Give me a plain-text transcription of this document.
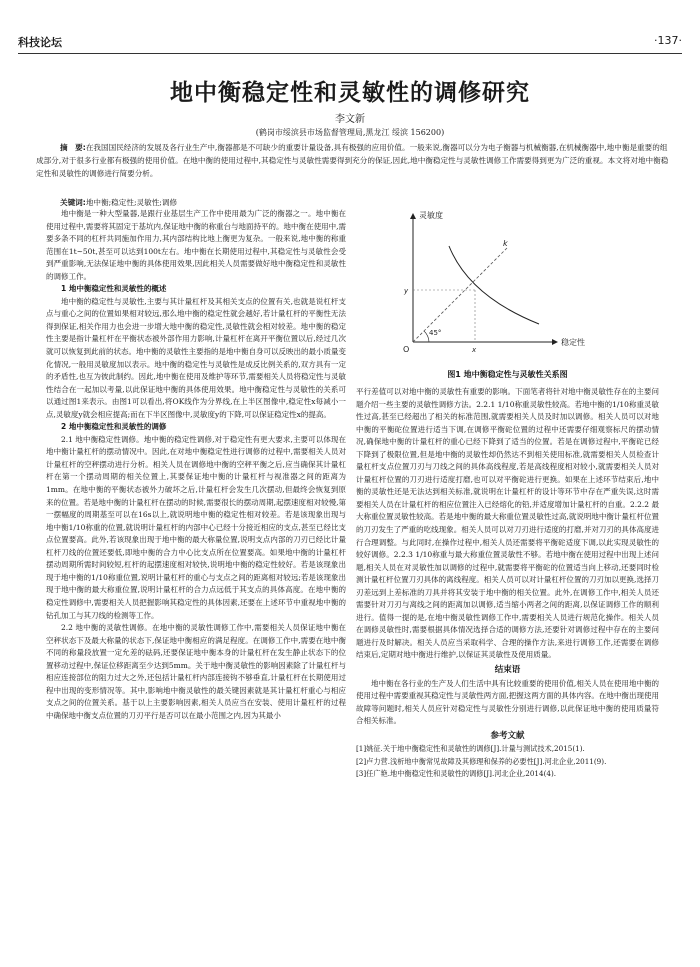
科技论坛	·137·
地中衡稳定性和灵敏性的调修研究
李文新
(鹤岗市绥滨县市场监督管理局,黑龙江 绥滨 156200)
摘　要:在我国国民经济的发展及各行业生产中,衡器都是不可缺少的重要计量设备,具有极强的应用价值。一般来说,衡器可以分为电子衡器与机械衡器,在机械衡器中,地中衡是重要的组成部分,对于很多行业都有极强的使用价值。在地中衡的使用过程中,其稳定性与灵敏性需要得到充分的保证,因此,地中衡稳定性与灵敏性调修工作需要得到更为广泛的重视。本文将对地中衡稳定性和灵敏性的调修进行简要分析。
关键词:地中衡;稳定性;灵敏性;调修

地中衡是一种大型量器,是跟行业基层生产工作中使用最为广泛的衡器之一。地中衡在使用过程中,需要将其固定于基坑内,保证地中衡的称重台与地面持平的。地中衡在使用中,需要多条不同的杠杆共同施加作用力,其内部结构比地上衡更为复杂。一般来说,地中衡的称重范围在1t~50t,甚至可以达到100t左右。地中衡在长期使用过程中,其稳定性与灵敏性会受到严重影响,无法保证地中衡的具体使用效果,因此相关人员需要做好地中衡稳定性和灵敏性的调修工作。

1 地中衡稳定性和灵敏性的概述

地中衡的稳定性与灵敏性,主要与其计量杠杆及其相关支点的位置有关,也就是说杠杆支点与重心之间的位置如果相对较远,那么地中衡的稳定性就会越好,若计量杠杆的平衡性无法得到保证,相关作用力也会进一步增大地中衡的稳定性,灵敏性就会相对较差。地中衡的稳定性主要是指计量杠杆在平衡状态被外部作用力影响,计量杠杆在离开平衡位置以后,经过几次就可以恢复到此前的状态。地中衡的灵敏性主要指的是地中衡自身可以反映出的最小质量变化情况,一般用灵敏度加以表示。地中衡的稳定性与灵敏性是成反比例关系的,双方具有一定的矛盾性,也互为彼此制约。因此,地中衡在使用及维护等环节,需要相关人员将稳定性与灵敏性结合在一起加以考量,以此保证地中衡的具体使用效果。地中衡稳定性与灵敏性的关系可以通过图1来表示。由图1可以看出,将OK线作为分界线,在上半区图像中,稳定性x每减小一点,灵敏度y就会相应提高;而在下半区图像中,灵敏度y的下降,可以保证稳定性x的提高。

2 地中衡稳定性和灵敏性的调修

2.1 地中衡稳定性调修。地中衡的稳定性调修,对于稳定性有更大要求,主要可以体现在地中衡计量杠杆的摆动情况中。因此,在对地中衡稳定性进行调修的过程中,需要相关人员对计量杠杆的空秤摆动进行分析。相关人员在调修地中衡的空秤平衡之后,应当确保其计量杠杆在第一个摆动周期的相关位置上,其要保证地中衡的计量杠杆与视准器之间的距离为1mm。在地中衡的平衡状态被外力破坏之后,计量杠杆会发生几次摆动,但最终会恢复到原来的位置。若是地中衡的计量杠杆在摆动的时候,需要很长的摆动周期,起摆速度相对较慢,第一摆幅度的周期基至可以在16s以上,就说明地中衡的稳定性相对较差。若是该现象出现与地中衡1/10称重的位置,就说明计量杠杆的内部中心已经十分接近相应的支点,甚至已经比支点位置要高。此外,若该现象出现于地中衡的最大称量位置,说明支点内部的刀刃已经比计量杠杆刀线的位置还要低,即地中衡的合力中心比支点所在位置要高。如果地中衡的计量杠杆摆动周期所需时间较短,杠杆的起摆速度相对较快,说明地中衡的稳定性较好。若是该现象出现于地中衡的1/10称重位置,说明计量杠杆的重心与支点之间的距离相对较远;若是该现象出现于地中衡的最大称重位置,说明计量杠杆的合力点远低于其支点的具体高度。在地中衡的稳定性调修中,需要相关人员把握影响其稳定性的具体因素,还要在上述环节中重视地中衡的钻孔加工与其刀线的检测等工作。

2.2 地中衡的灵敏性调修。在地中衡的灵敏性调修工作中,需要相关人员保证地中衡在空秤状态下及最大称量的状态下,保证地中衡相应的满足程度。在调修工作中,需要在地中衡不同的称量段放置一定允差的砝码,还要保证地中衡本身的计量杠杆在发生静止状态下的位置移动过程中,保证位移距离至少达到5mm。关于地中衡灵敏性的影响因素除了计量杠杆与相应连接部位的阻力过大之外,还包括计量杠杆内部连接钩不够垂直,计量杠杆在长期使用过程中出现的变形情况等。其中,影响地中衡灵敏性的最关键因素就是其计量杠杆重心与相应支点之间的位置关系。基于以上主要影响因素,相关人员应当在安装、使用计量杠杆的过程中确保地中衡支点位置的刀刃平行是否可以在最小范围之内,因为其最小

灵敏度
稳定性
O
45°
k
x
y
图1 地中衡稳定性与灵敏性关系图

平行差值可以对地中衡的灵敏性有重要的影响。下面笔者将针对地中衡灵敏性存在的主要问题介绍一些主要的灵敏性调修方法。2.2.1 1/10称重灵敏性较高。若地中衡的1/10称重灵敏性过高,甚至已经超出了相关的标准范围,就需要相关人员及时加以调修。相关人员可以对地中衡的平衡砣位置进行适当下调,在调修平衡砣位置的过程中还需要仔细观察标尺的摆动情况,确保地中衡的计量杠杆的重心已经下降到了适当的位置。若是在调修过程中,平衡砣已经下降到了极限位置,但是地中衡的灵敏性却仍然达不到相关使用标准,就需要相关人员检查计量杠杆支点位置刀刃与刀线之间的具体高线程度,若是高线程度相对较小,就需要相关人员对计量杠杆位置的刀刃进行适度打磨,也可以对平衡砣进行更换。如果在上述环节结束后,地中衡的灵敏性还是无法达到相关标准,就说明在计量杠杆的设计等环节中存在严重失误,这时需要相关人员在计量杠杆的相应位置注入已经熔化的铅,并适度增加计量杠杆的自重。2.2.2 最大称重位置灵敏性较高。若是地中衡的最大称重位置灵敏性过高,就说明地中衡计量杠杆位置的刀刃发生了严重的吃线现象。相关人员可以对刀刃进行适度的打磨,并对刀刃的具体高度进行合理调整。与此同时,在操作过程中,相关人员还需要将平衡砣适度下调,以此实现灵敏性的较好调修。2.2.3 1/10称重与最大称重位置灵敏性不够。若地中衡在使用过程中出现上述问题,相关人员在对灵敏性加以调修的过程中,就需要将平衡砣的位置适当向上移动,还要同时检测计量杠杆位置刀刃具体的离线程度。相关人员可以对计量杠杆位置的刀刃加以更换,选择刀刃差远到上差标准的刀具并将其安装于地中衡的相关位置。此外,在调修工作中,相关人员还需要针对刀刃与离线之间的距离加以调修,适当缩小两者之间的距离,以保证调修工作的顺利进行。值得一提的是,在地中衡灵敏性调修工作中,需要相关人员进行规范化操作。相关人员在调修灵敏性时,需要根据具体情况选择合适的调修方法,还要针对调修过程中存在的主要问题进行及时解决。相关人员应当采取科学、合理的操作方法,来进行调修工作,还需要在调修结束后,定期对地中衡进行维护,以保证其灵敏性及使用质量。

结束语

地中衡在各行业的生产及人们生活中具有比较重要的使用价值,相关人员在使用地中衡的使用过程中需要重视其稳定性与灵敏性两方面,把握这两方面的具体内容。在地中衡出现使用故障等问题时,相关人员应针对稳定性与灵敏性分别进行调修,以此保证地中衡的使用质量符合相关标准。

参考文献
[1]姚征.关于地中衡稳定性和灵敏性的调修[J].计量与测试技术,2015(1).
[2]卢力营.浅析地中衡常见故障及其修理和保养的必要性[J].河北企业,2011(9).
[3]任广艳.地中衡稳定性和灵敏性的调修[J].河北企业,2014(4).
